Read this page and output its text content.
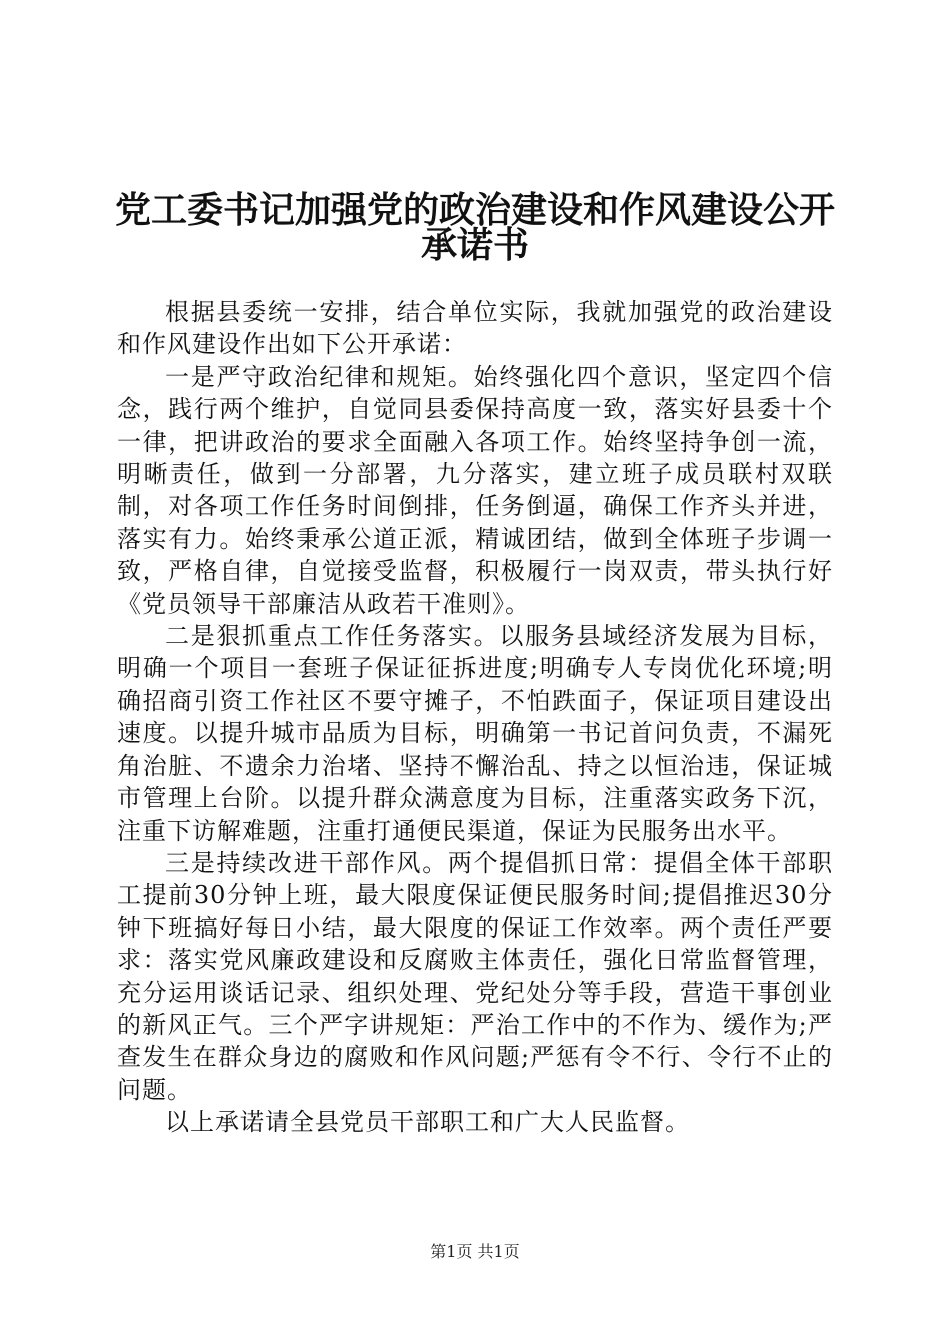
党工委书记加强党的政治建设和作风建设公开
承诺书

根据县委统一安排，结合单位实际，我就加强党的政治建设和作风建设作出如下公开承诺：

一是严守政治纪律和规矩。始终强化四个意识，坚定四个信念，践行两个维护，自觉同县委保持高度一致，落实好县委十个一律，把讲政治的要求全面融入各项工作。始终坚持争创一流，明晰责任，做到一分部署，九分落实，建立班子成员联村双联制，对各项工作任务时间倒排，任务倒逼，确保工作齐头并进，落实有力。始终秉承公道正派，精诚团结，做到全体班子步调一致，严格自律，自觉接受监督，积极履行一岗双责，带头执行好《党员领导干部廉洁从政若干准则》。

二是狠抓重点工作任务落实。以服务县域经济发展为目标，明确一个项目一套班子保证征拆进度;明确专人专岗优化环境;明确招商引资工作社区不要守摊子，不怕跌面子，保证项目建设出速度。以提升城市品质为目标，明确第一书记首问负责，不漏死角治脏、不遗余力治堵、坚持不懈治乱、持之以恒治违，保证城市管理上台阶。以提升群众满意度为目标，注重落实政务下沉，注重下访解难题，注重打通便民渠道，保证为民服务出水平。

三是持续改进干部作风。两个提倡抓日常：提倡全体干部职工提前30分钟上班，最大限度保证便民服务时间;提倡推迟30分钟下班搞好每日小结，最大限度的保证工作效率。两个责任严要求：落实党风廉政建设和反腐败主体责任，强化日常监督管理，充分运用谈话记录、组织处理、党纪处分等手段，营造干事创业的新风正气。三个严字讲规矩：严治工作中的不作为、缓作为;严查发生在群众身边的腐败和作风问题;严惩有令不行、令行不止的问题。

以上承诺请全县党员干部职工和广大人民监督。

第1页 共1页
